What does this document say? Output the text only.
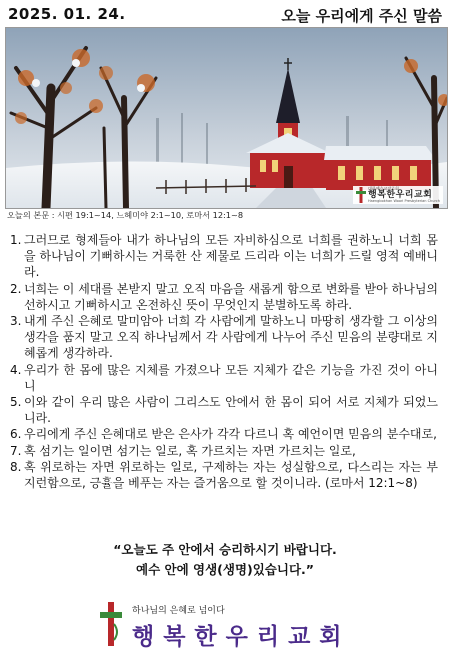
2025. 01. 24.	오늘 우리에게 주신 말씀
대한예수교장로회
행복한우리교회
Haengbokhan Woori Presbyterian Church
오늘의 본문 : 시편 19:1~14, 느헤미야 2:1~10, 로마서 12:1~8
1. 그러므로 형제들아 내가 하나님의 모든 자비하심으로 너희를 권하노니 너희 몸을 하나님이 기뻐하시는 거룩한 산 제물로 드리라 이는 너희가 드릴 영적 예배니라.
2. 너희는 이 세대를 본받지 말고 오직 마음을 새롭게 함으로 변화를 받아 하나님의 선하시고 기뻐하시고 온전하신 뜻이 무엇인지 분별하도록 하라.
3. 내게 주신 은혜로 말미암아 너희 각 사람에게 말하노니 마땅히 생각할 그 이상의 생각을 품지 말고 오직 하나님께서 각 사람에게 나누어 주신 믿음의 분량대로 지혜롭게 생각하라.
4. 우리가 한 몸에 많은 지체를 가졌으나 모든 지체가 같은 기능을 가진 것이 아니니
5. 이와 같이 우리 많은 사람이 그리스도 안에서 한 몸이 되어 서로 지체가 되었느니라.
6. 우리에게 주신 은혜대로 받은 은사가 각각 다르니 혹 예언이면 믿음의 분수대로,
7. 혹 섬기는 일이면 섬기는 일로, 혹 가르치는 자면 가르치는 일로,
8. 혹 위로하는 자면 위로하는 일로, 구제하는 자는 성실함으로, 다스리는 자는 부지런함으로, 긍휼을 베푸는 자는 즐거움으로 할 것이니라. (로마서 12:1~8)
“오늘도 주 안에서 승리하시기 바랍니다.
예수 안에 영생(생명)있습니다.”
하나님의 은혜로 넘이다
행복한우리교회
